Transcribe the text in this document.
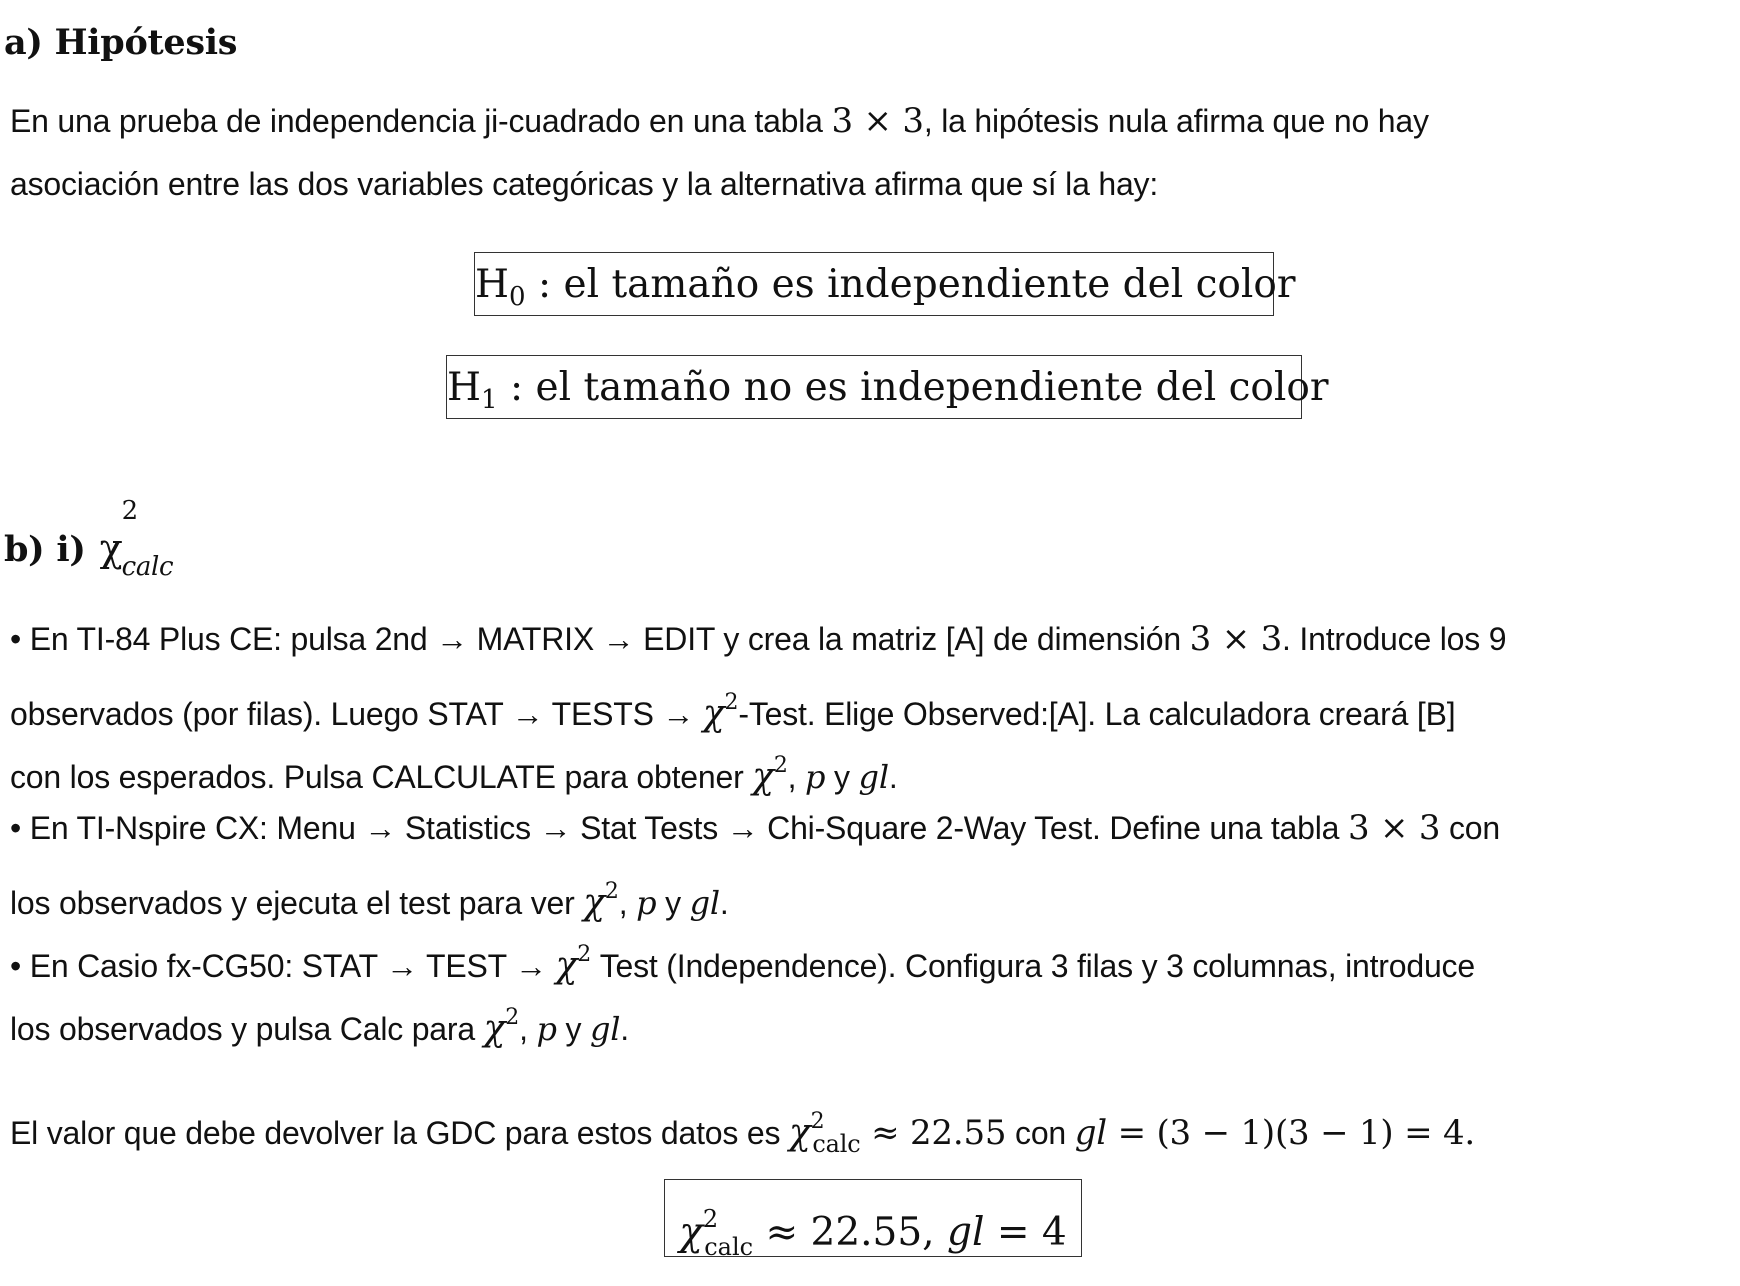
a) Hipótesis
En una prueba de independencia ji-cuadrado en una tabla 3 × 3, la hipótesis nula afirma que no hay
asociación entre las dos variables categóricas y la alternativa afirma que sí la hay:
$H_0$ : el tamaño es independiente del color
$H_1$ : el tamaño no es independiente del color
b) i) χ
2
calc
• En TI-84 Plus CE: pulsa 2nd → MATRIX → EDIT y crea la matriz [A] de dimensión 3 × 3. Introduce los 9
observados (por filas). Luego STAT → TESTS → $\chi^2$-Test. Elige Observed:[A]. La calculadora creará [B]
con los esperados. Pulsa CALCULATE para obtener $\chi^2$, p y gl.
• En TI-Nspire CX: Menu → Statistics → Stat Tests → Chi-Square 2-Way Test. Define una tabla 3 × 3 con
los observados y ejecuta el test para ver $\chi^2$, p y gl.
• En Casio fx-CG50: STAT → TEST → $\chi^2$ Test (Independence). Configura 3 filas y 3 columnas, introduce
los observados y pulsa Calc para $\chi^2$, p y gl.
El valor que debe devolver la GDC para estos datos es $\chi^2_{calc} \approx 22.55$ con gl = (3 − 1)(3 − 1) = 4.
$\chi^2_{calc} \approx 22.55$, gl = 4
